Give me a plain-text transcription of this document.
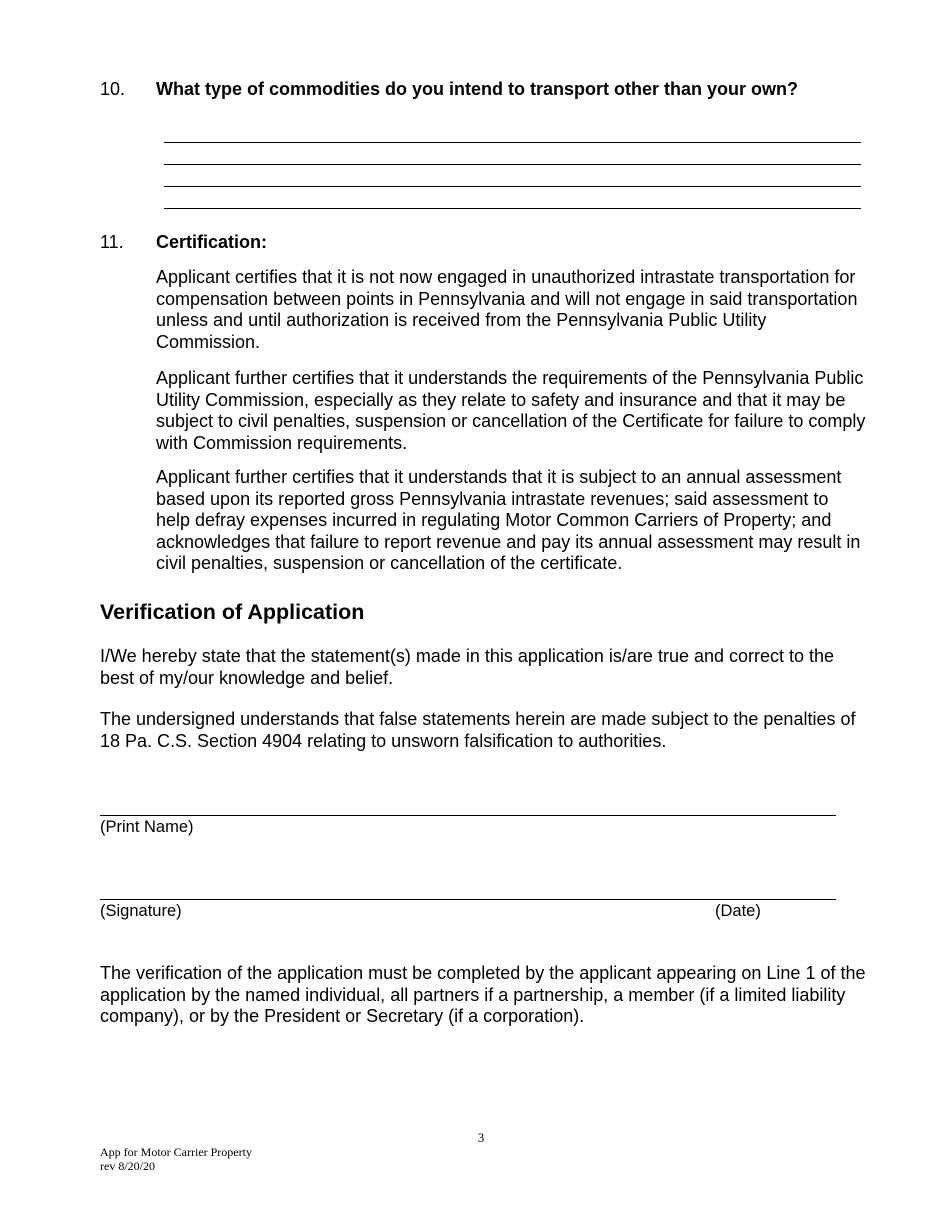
10. What type of commodities do you intend to transport other than your own?
11. Certification:
Applicant certifies that it is not now engaged in unauthorized intrastate transportation for compensation between points in Pennsylvania and will not engage in said transportation unless and until authorization is received from the Pennsylvania Public Utility Commission.
Applicant further certifies that it understands the requirements of the Pennsylvania Public Utility Commission, especially as they relate to safety and insurance and that it may be subject to civil penalties, suspension or cancellation of the Certificate for failure to comply with Commission requirements.
Applicant further certifies that it understands that it is subject to an annual assessment based upon its reported gross Pennsylvania intrastate revenues; said assessment to help defray expenses incurred in regulating Motor Common Carriers of Property; and acknowledges that failure to report revenue and pay its annual assessment may result in civil penalties, suspension or cancellation of the certificate.
Verification of Application
I/We hereby state that the statement(s) made in this application is/are true and correct to the best of my/our knowledge and belief.
The undersigned understands that false statements herein are made subject to the penalties of 18 Pa. C.S. Section 4904 relating to unsworn falsification to authorities.
(Print Name)
(Signature)	(Date)
The verification of the application must be completed by the applicant appearing on Line 1 of the application by the named individual, all partners if a partnership, a member (if a limited liability company), or by the President or Secretary (if a corporation).
3
App for Motor Carrier Property
rev 8/20/20
